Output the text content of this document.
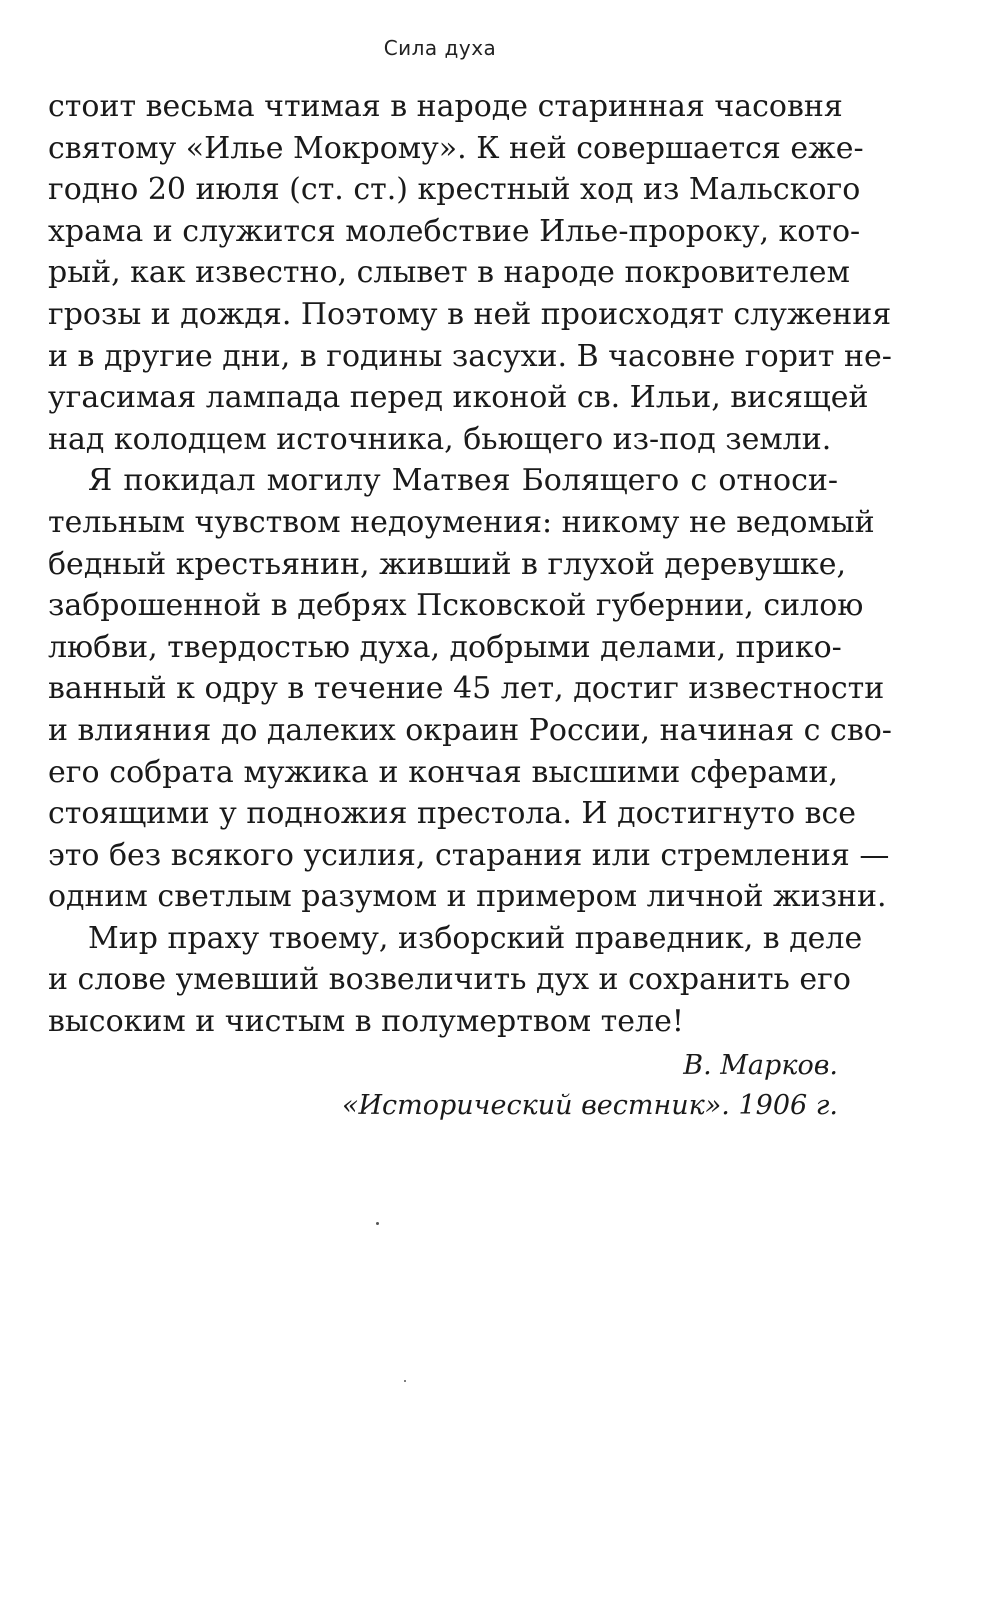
Сила духа
стоит весьма чтимая в народе старинная часовня
святому «Илье Мокрому». К ней совершается еже-
годно 20 июля (ст. ст.) крестный ход из Мальского
храма и служится молебствие Илье-пророку, кото-
рый, как известно, слывет в народе покровителем
грозы и дождя. Поэтому в ней происходят служения
и в другие дни, в годины засухи. В часовне горит не-
угасимая лампада перед иконой св. Ильи, висящей
над колодцем источника, бьющего из-под земли.
Я покидал могилу Матвея Болящего с относи-
тельным чувством недоумения: никому не ведомый
бедный крестьянин, живший в глухой деревушке,
заброшенной в дебрях Псковской губернии, силою
любви, твердостью духа, добрыми делами, прико-
ванный к одру в течение 45 лет, достиг известности
и влияния до далеких окраин России, начиная с сво-
его собрата мужика и кончая высшими сферами,
стоящими у подножия престола. И достигнуто все
это без всякого усилия, старания или стремления —
одним светлым разумом и примером личной жизни.
Мир праху твоему, изборский праведник, в деле
и слове умевший возвеличить дух и сохранить его
высоким и чистым в полумертвом теле!
В. Марков.
«Исторический вестник». 1906 г.
